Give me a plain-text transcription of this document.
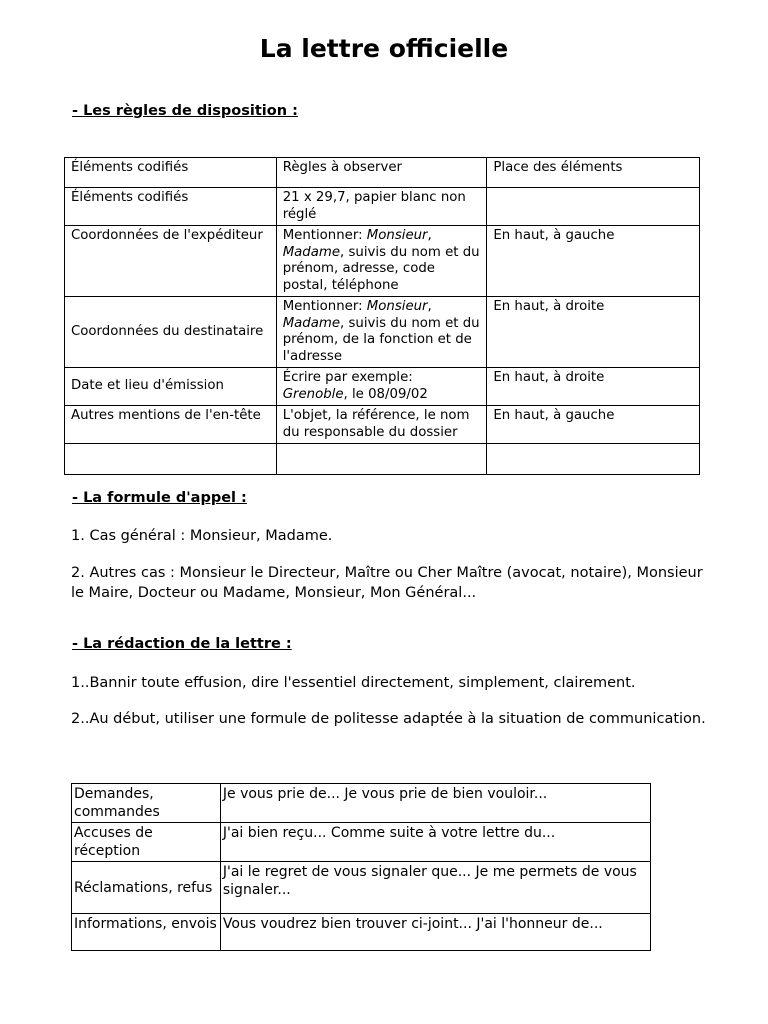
La lettre officielle

- Les règles de disposition :

Éléments codifiés	Règles à observer	Place des éléments
Éléments codifiés	21 x 29,7, papier blanc non réglé	
Coordonnées de l'expéditeur	Mentionner: Monsieur, Madame, suivis du nom et du prénom, adresse, code postal, téléphone	En haut, à gauche
Coordonnées du destinataire	Mentionner: Monsieur, Madame, suivis du nom et du prénom, de la fonction et de l'adresse	En haut, à droite
Date et lieu d'émission	Écrire par exemple: Grenoble, le 08/09/02	En haut, à droite
Autres mentions de l'en-tête	L'objet, la référence, le nom du responsable du dossier	En haut, à gauche

- La formule d'appel :

1. Cas général : Monsieur, Madame.

2. Autres cas : Monsieur le Directeur, Maître ou Cher Maître (avocat, notaire), Monsieur le Maire, Docteur ou Madame, Monsieur, Mon Général...

- La rédaction de la lettre :

1..Bannir toute effusion, dire l'essentiel directement, simplement, clairement.

2..Au début, utiliser une formule de politesse adaptée à la situation de communication.

Demandes, commandes	Je vous prie de... Je vous prie de bien vouloir...
Accuses de réception	J'ai bien reçu... Comme suite à votre lettre du...
Réclamations, refus	J'ai le regret de vous signaler que... Je me permets de vous signaler...
Informations, envois	Vous voudrez bien trouver ci-joint... J'ai l'honneur de...
